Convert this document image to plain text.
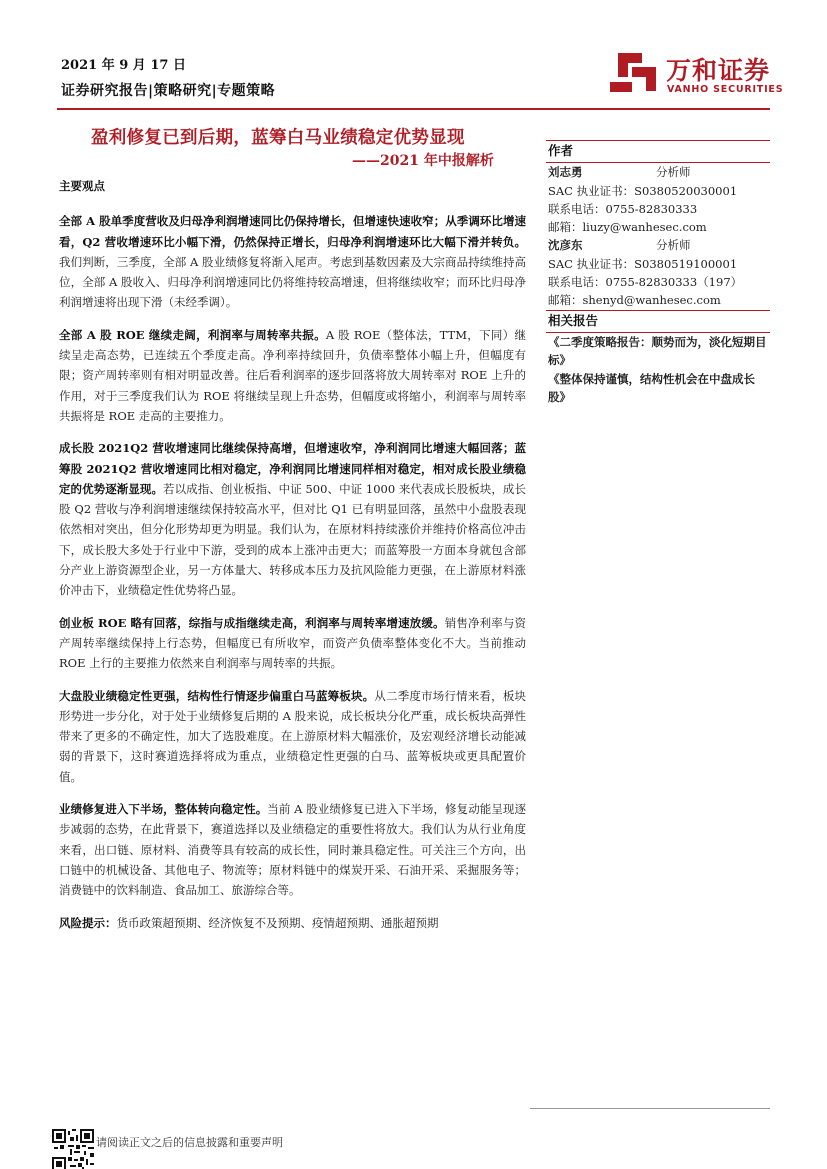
2021 年 9 月 17 日
证券研究报告|策略研究|专题策略
万和证券
VANHO SECURITIES
盈利修复已到后期，蓝筹白马业绩稳定优势显现
——2021 年中报解析
主要观点

全部 A 股单季度营收及归母净利润增速同比仍保持增长，但增速快速收窄；从季调环比增速看，Q2 营收增速环比小幅下滑，仍然保持正增长，归母净利润增速环比大幅下滑并转负。我们判断，三季度，全部 A 股业绩修复将渐入尾声。考虑到基数因素及大宗商品持续维持高位，全部 A 股收入、归母净利润增速同比仍将维持较高增速，但将继续收窄；而环比归母净利润增速将出现下滑（未经季调）。

全部 A 股 ROE 继续走阔，利润率与周转率共振。A 股 ROE（整体法，TTM，下同）继续呈走高态势，已连续五个季度走高。净利率持续回升，负债率整体小幅上升，但幅度有限；资产周转率则有相对明显改善。往后看利润率的逐步回落将放大周转率对 ROE 上升的作用，对于三季度我们认为 ROE 将继续呈现上升态势，但幅度或将缩小，利润率与周转率共振将是 ROE 走高的主要推力。

成长股 2021Q2 营收增速同比继续保持高增，但增速收窄，净利润同比增速大幅回落；蓝筹股 2021Q2 营收增速同比相对稳定，净利润同比增速同样相对稳定，相对成长股业绩稳定的优势逐渐显现。若以成指、创业板指、中证 500、中证 1000 来代表成长股板块，成长股 Q2 营收与净利润增速继续保持较高水平，但对比 Q1 已有明显回落，虽然中小盘股表现依然相对突出，但分化形势却更为明显。我们认为，在原材料持续涨价并维持价格高位冲击下，成长股大多处于行业中下游，受到的成本上涨冲击更大；而蓝筹股一方面本身就包含部分产业上游资源型企业，另一方体量大、转移成本压力及抗风险能力更强，在上游原材料涨价冲击下，业绩稳定性优势将凸显。

创业板 ROE 略有回落，综指与成指继续走高，利润率与周转率增速放缓。销售净利率与资产周转率继续保持上行态势，但幅度已有所收窄，而资产负债率整体变化不大。当前推动 ROE 上行的主要推力依然来自利润率与周转率的共振。

大盘股业绩稳定性更强，结构性行情逐步偏重白马蓝筹板块。从二季度市场行情来看，板块形势进一步分化，对于处于业绩修复后期的 A 股来说，成长板块分化严重，成长板块高弹性带来了更多的不确定性，加大了选股难度。在上游原材料大幅涨价，及宏观经济增长动能减弱的背景下，这时赛道选择将成为重点，业绩稳定性更强的白马、蓝筹板块或更具配置价值。

业绩修复进入下半场，整体转向稳定性。当前 A 股业绩修复已进入下半场，修复动能呈现逐步减弱的态势，在此背景下，赛道选择以及业绩稳定的重要性将放大。我们认为从行业角度来看，出口链、原材料、消费等具有较高的成长性，同时兼具稳定性。可关注三个方向，出口链中的机械设备、其他电子、物流等；原材料链中的煤炭开采、石油开采、采掘服务等；消费链中的饮料制造、食品加工、旅游综合等。

风险提示：货币政策超预期、经济恢复不及预期、疫情超预期、通胀超预期

作者
刘志勇	分析师
SAC 执业证书：S0380520030001
联系电话：0755-82830333
邮箱：liuzy@wanhesec.com
沈彦东	分析师
SAC 执业证书：S0380519100001
联系电话：0755-82830333（197）
邮箱：shenyd@wanhesec.com
相关报告
《二季度策略报告：顺势而为，淡化短期目标》
《整体保持谨慎，结构性机会在中盘成长股》
请阅读正文之后的信息披露和重要声明
